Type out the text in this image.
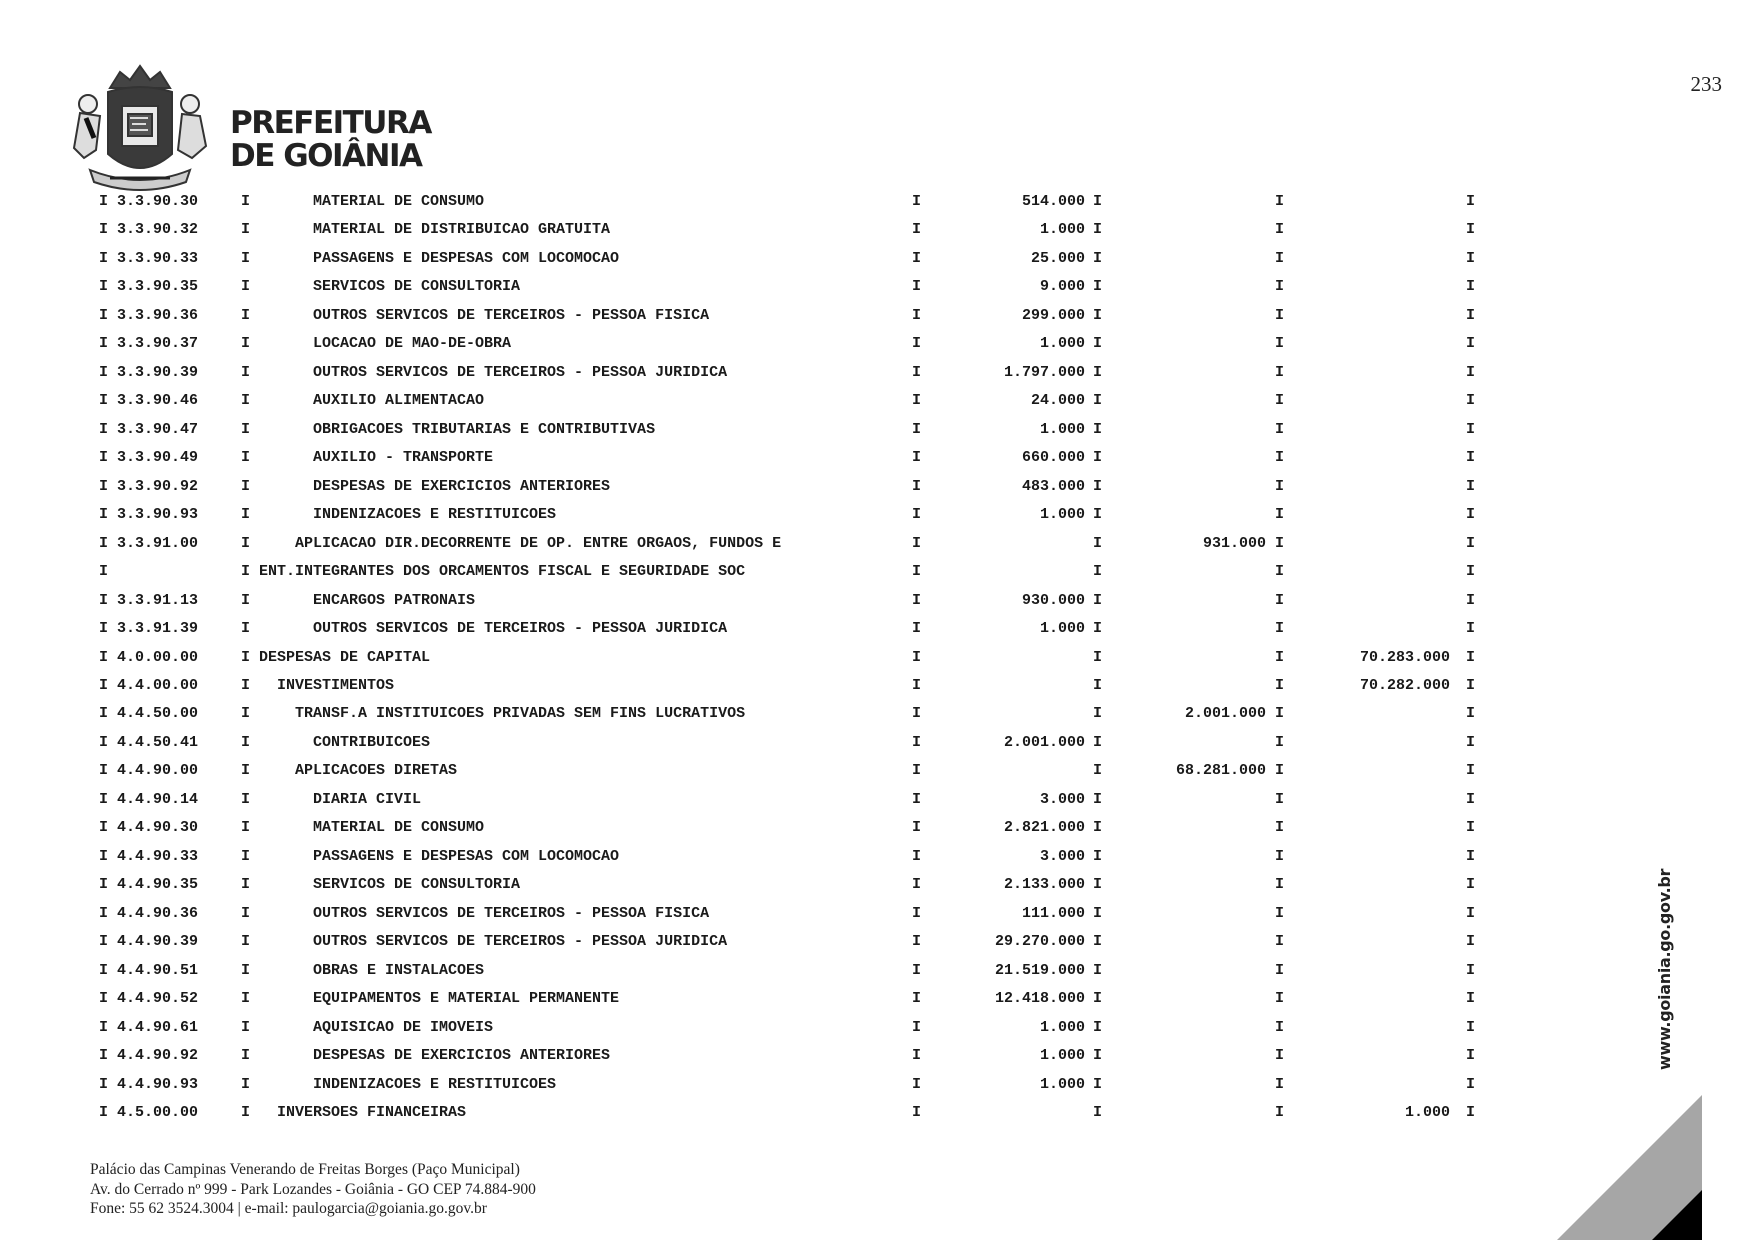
233
PREFEITURA
DE GOIÂNIA
I 3.3.90.30	I MATERIAL DE CONSUMO	I	514.000 I	I	I
I 3.3.90.32	I MATERIAL DE DISTRIBUICAO GRATUITA	I	1.000 I	I	I
I 3.3.90.33	I PASSAGENS E DESPESAS COM LOCOMOCAO	I	25.000 I	I	I
I 3.3.90.35	I SERVICOS DE CONSULTORIA	I	9.000 I	I	I
I 3.3.90.36	I OUTROS SERVICOS DE TERCEIROS - PESSOA FISICA	I	299.000 I	I	I
I 3.3.90.37	I LOCACAO DE MAO-DE-OBRA	I	1.000 I	I	I
I 3.3.90.39	I OUTROS SERVICOS DE TERCEIROS - PESSOA JURIDICA	I	1.797.000 I	I	I
I 3.3.90.46	I AUXILIO ALIMENTACAO	I	24.000 I	I	I
I 3.3.90.47	I OBRIGACOES TRIBUTARIAS E CONTRIBUTIVAS	I	1.000 I	I	I
I 3.3.90.49	I AUXILIO - TRANSPORTE	I	660.000 I	I	I
I 3.3.90.92	I DESPESAS DE EXERCICIOS ANTERIORES	I	483.000 I	I	I
I 3.3.90.93	I INDENIZACOES E RESTITUICOES	I	1.000 I	I	I
I 3.3.91.00	I APLICACAO DIR.DECORRENTE DE OP. ENTRE ORGAOS, FUNDOS E	I	I	931.000 I	I
I	I ENT.INTEGRANTES DOS ORCAMENTOS FISCAL E SEGURIDADE SOC	I	I	I	I
I 3.3.91.13	I ENCARGOS PATRONAIS	I	930.000 I	I	I
I 3.3.91.39	I OUTROS SERVICOS DE TERCEIROS - PESSOA JURIDICA	I	1.000 I	I	I
I 4.0.00.00	I DESPESAS DE CAPITAL	I	I	I	70.283.000 I
I 4.4.00.00	I INVESTIMENTOS	I	I	I	70.282.000 I
I 4.4.50.00	I TRANSF.A INSTITUICOES PRIVADAS SEM FINS LUCRATIVOS	I	I	2.001.000 I	I
I 4.4.50.41	I CONTRIBUICOES	I	2.001.000 I	I	I
I 4.4.90.00	I APLICACOES DIRETAS	I	I	68.281.000 I	I
I 4.4.90.14	I DIARIA CIVIL	I	3.000 I	I	I
I 4.4.90.30	I MATERIAL DE CONSUMO	I	2.821.000 I	I	I
I 4.4.90.33	I PASSAGENS E DESPESAS COM LOCOMOCAO	I	3.000 I	I	I
I 4.4.90.35	I SERVICOS DE CONSULTORIA	I	2.133.000 I	I	I
I 4.4.90.36	I OUTROS SERVICOS DE TERCEIROS - PESSOA FISICA	I	111.000 I	I	I
I 4.4.90.39	I OUTROS SERVICOS DE TERCEIROS - PESSOA JURIDICA	I	29.270.000 I	I	I
I 4.4.90.51	I OBRAS E INSTALACOES	I	21.519.000 I	I	I
I 4.4.90.52	I EQUIPAMENTOS E MATERIAL PERMANENTE	I	12.418.000 I	I	I
I 4.4.90.61	I AQUISICAO DE IMOVEIS	I	1.000 I	I	I
I 4.4.90.92	I DESPESAS DE EXERCICIOS ANTERIORES	I	1.000 I	I	I
I 4.4.90.93	I INDENIZACOES E RESTITUICOES	I	1.000 I	I	I
I 4.5.00.00	I INVERSOES FINANCEIRAS	I	I	I	1.000 I
Palácio das Campinas Venerando de Freitas Borges (Paço Municipal)
Av. do Cerrado nº 999 - Park Lozandes - Goiânia - GO CEP 74.884-900
Fone: 55 62 3524.3004 | e-mail: paulogarcia@goiania.go.gov.br
www.goiania.go.gov.br
